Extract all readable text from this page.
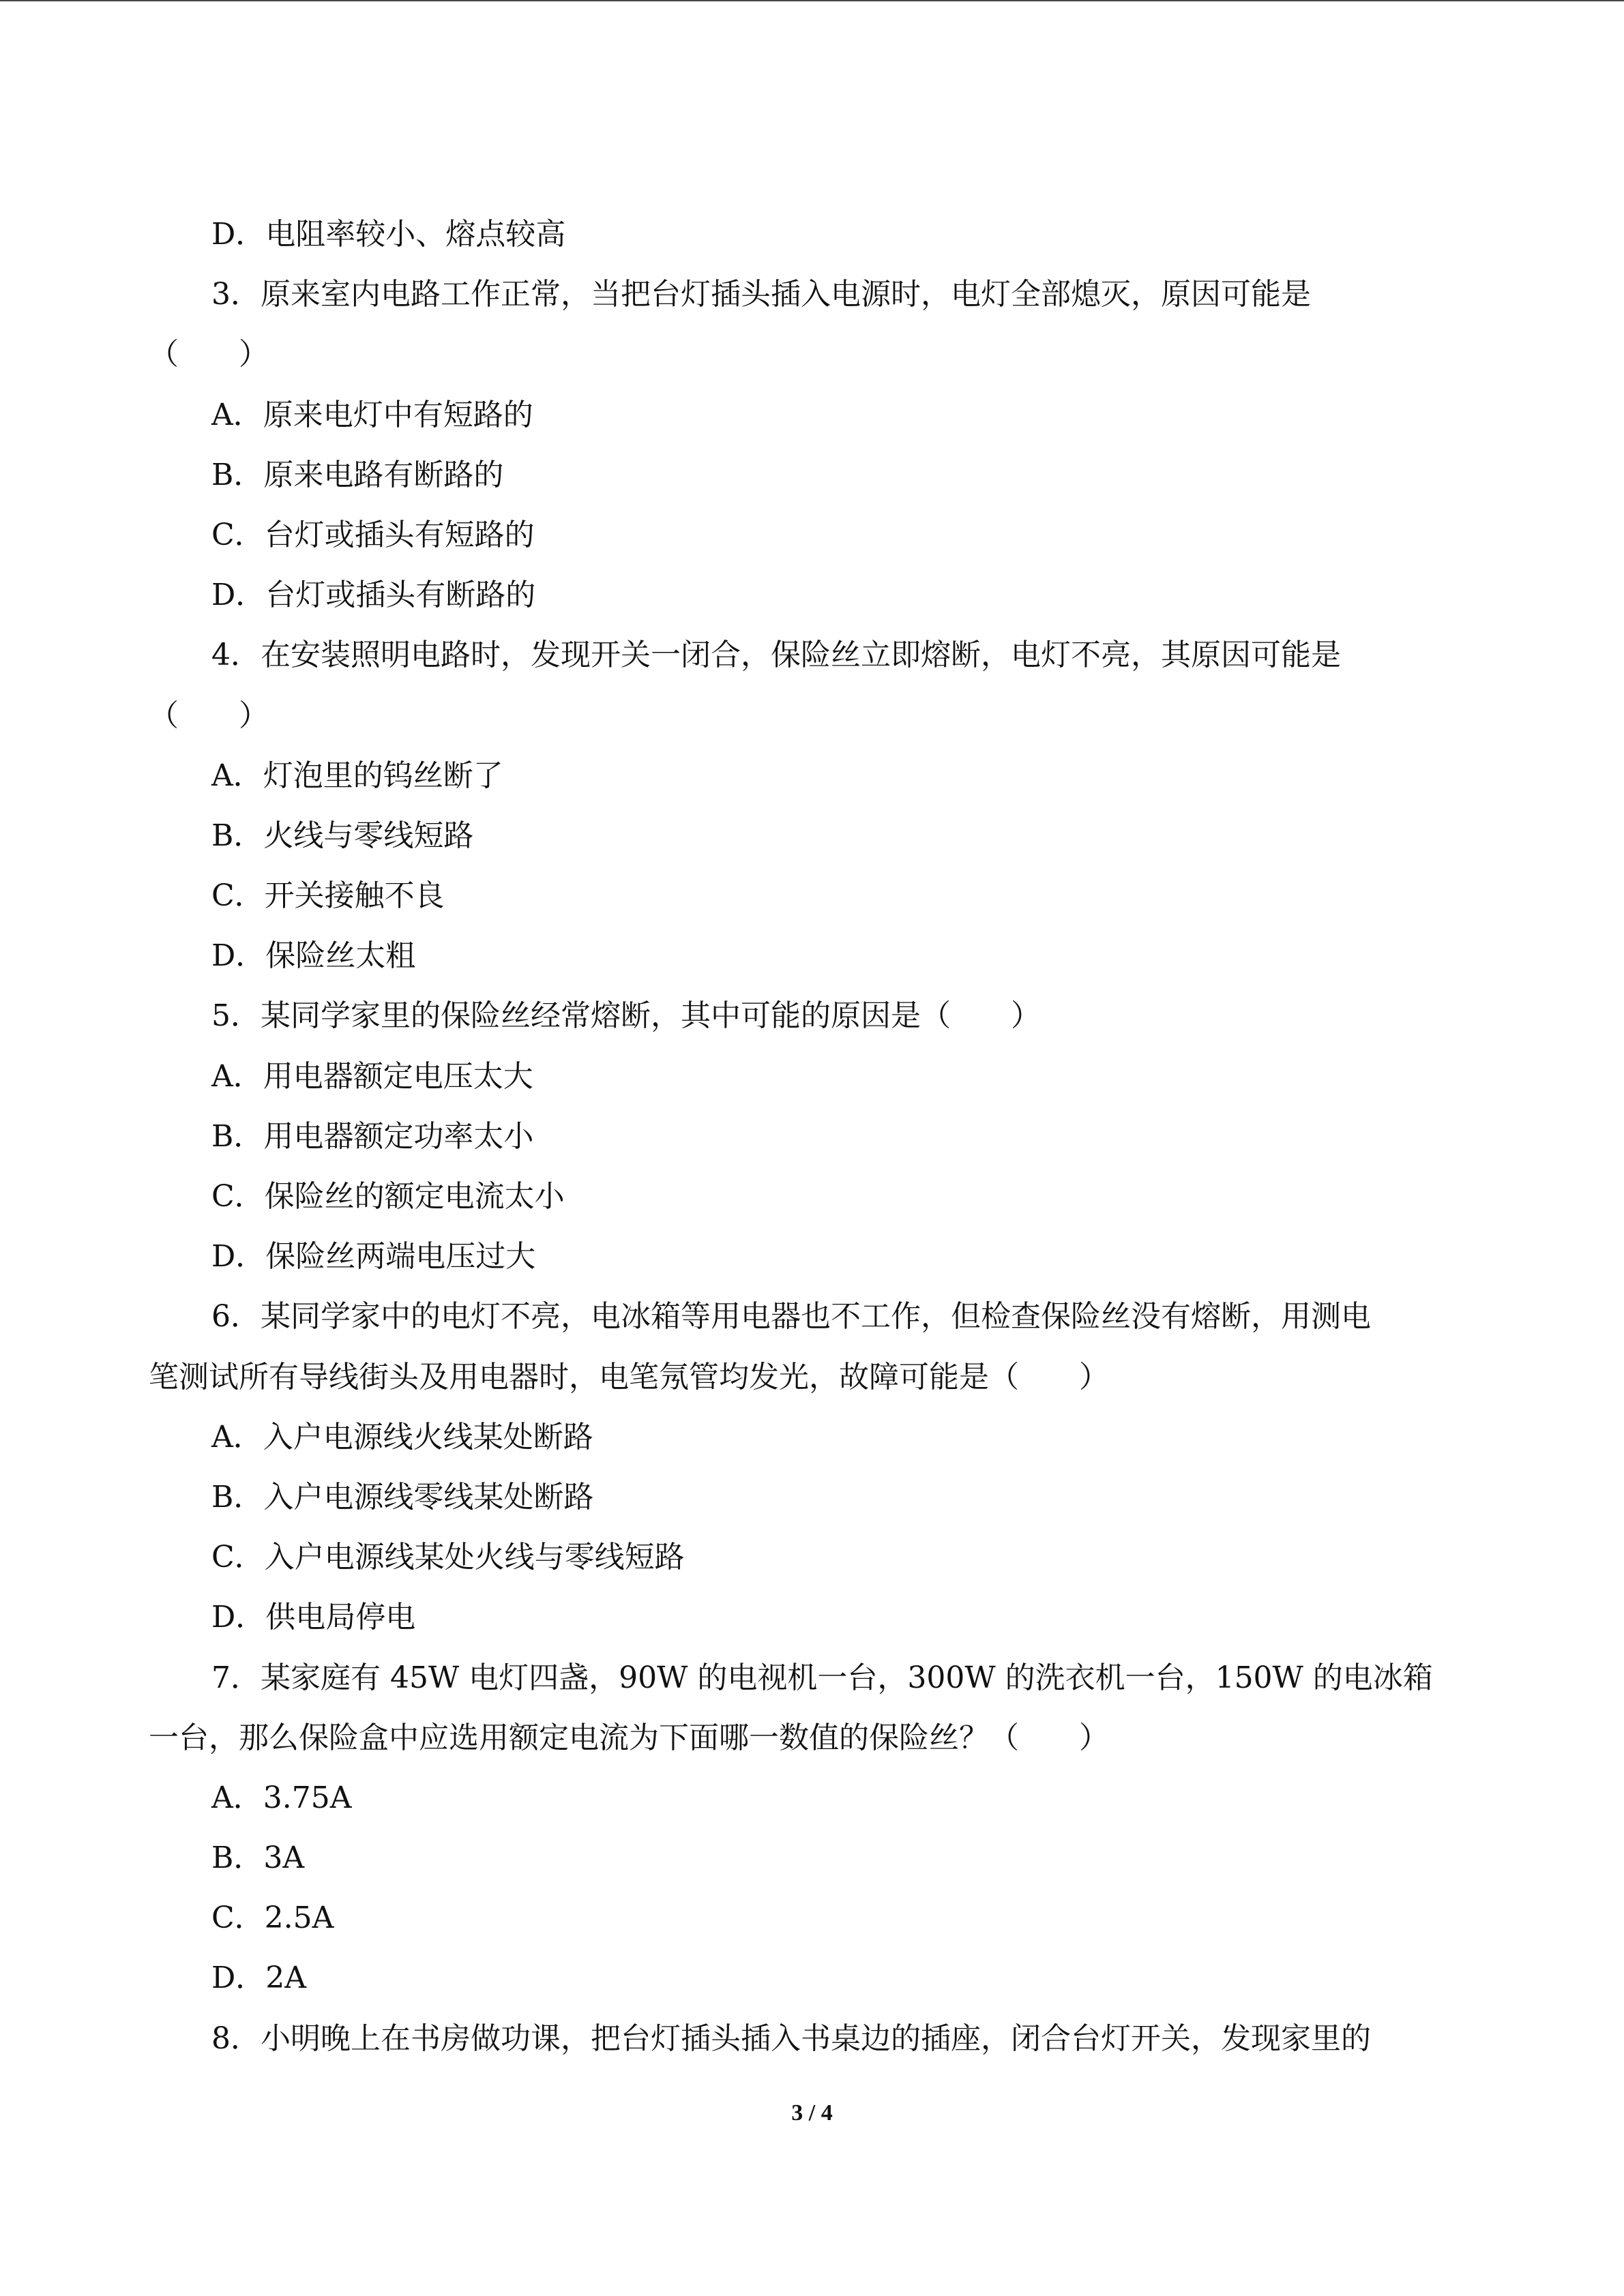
D．电阻率较小、熔点较高
3．原来室内电路工作正常，当把台灯插头插入电源时，电灯全部熄灭，原因可能是
（　　）
A．原来电灯中有短路的
B．原来电路有断路的
C．台灯或插头有短路的
D．台灯或插头有断路的
4．在安装照明电路时，发现开关一闭合，保险丝立即熔断，电灯不亮，其原因可能是
（　　）
A．灯泡里的钨丝断了
B．火线与零线短路
C．开关接触不良
D．保险丝太粗
5．某同学家里的保险丝经常熔断，其中可能的原因是（　　）
A．用电器额定电压太大
B．用电器额定功率太小
C．保险丝的额定电流太小
D．保险丝两端电压过大
6．某同学家中的电灯不亮，电冰箱等用电器也不工作，但检查保险丝没有熔断，用测电
笔测试所有导线街头及用电器时，电笔氖管均发光，故障可能是（　　）
A．入户电源线火线某处断路
B．入户电源线零线某处断路
C．入户电源线某处火线与零线短路
D．供电局停电
7．某家庭有 45W 电灯四盏，90W 的电视机一台，300W 的洗衣机一台，150W 的电冰箱
一台，那么保险盒中应选用额定电流为下面哪一数值的保险丝？（　　）
A．3.75A
B．3A
C．2.5A
D．2A
8．小明晚上在书房做功课，把台灯插头插入书桌边的插座，闭合台灯开关，发现家里的
3 / 4
